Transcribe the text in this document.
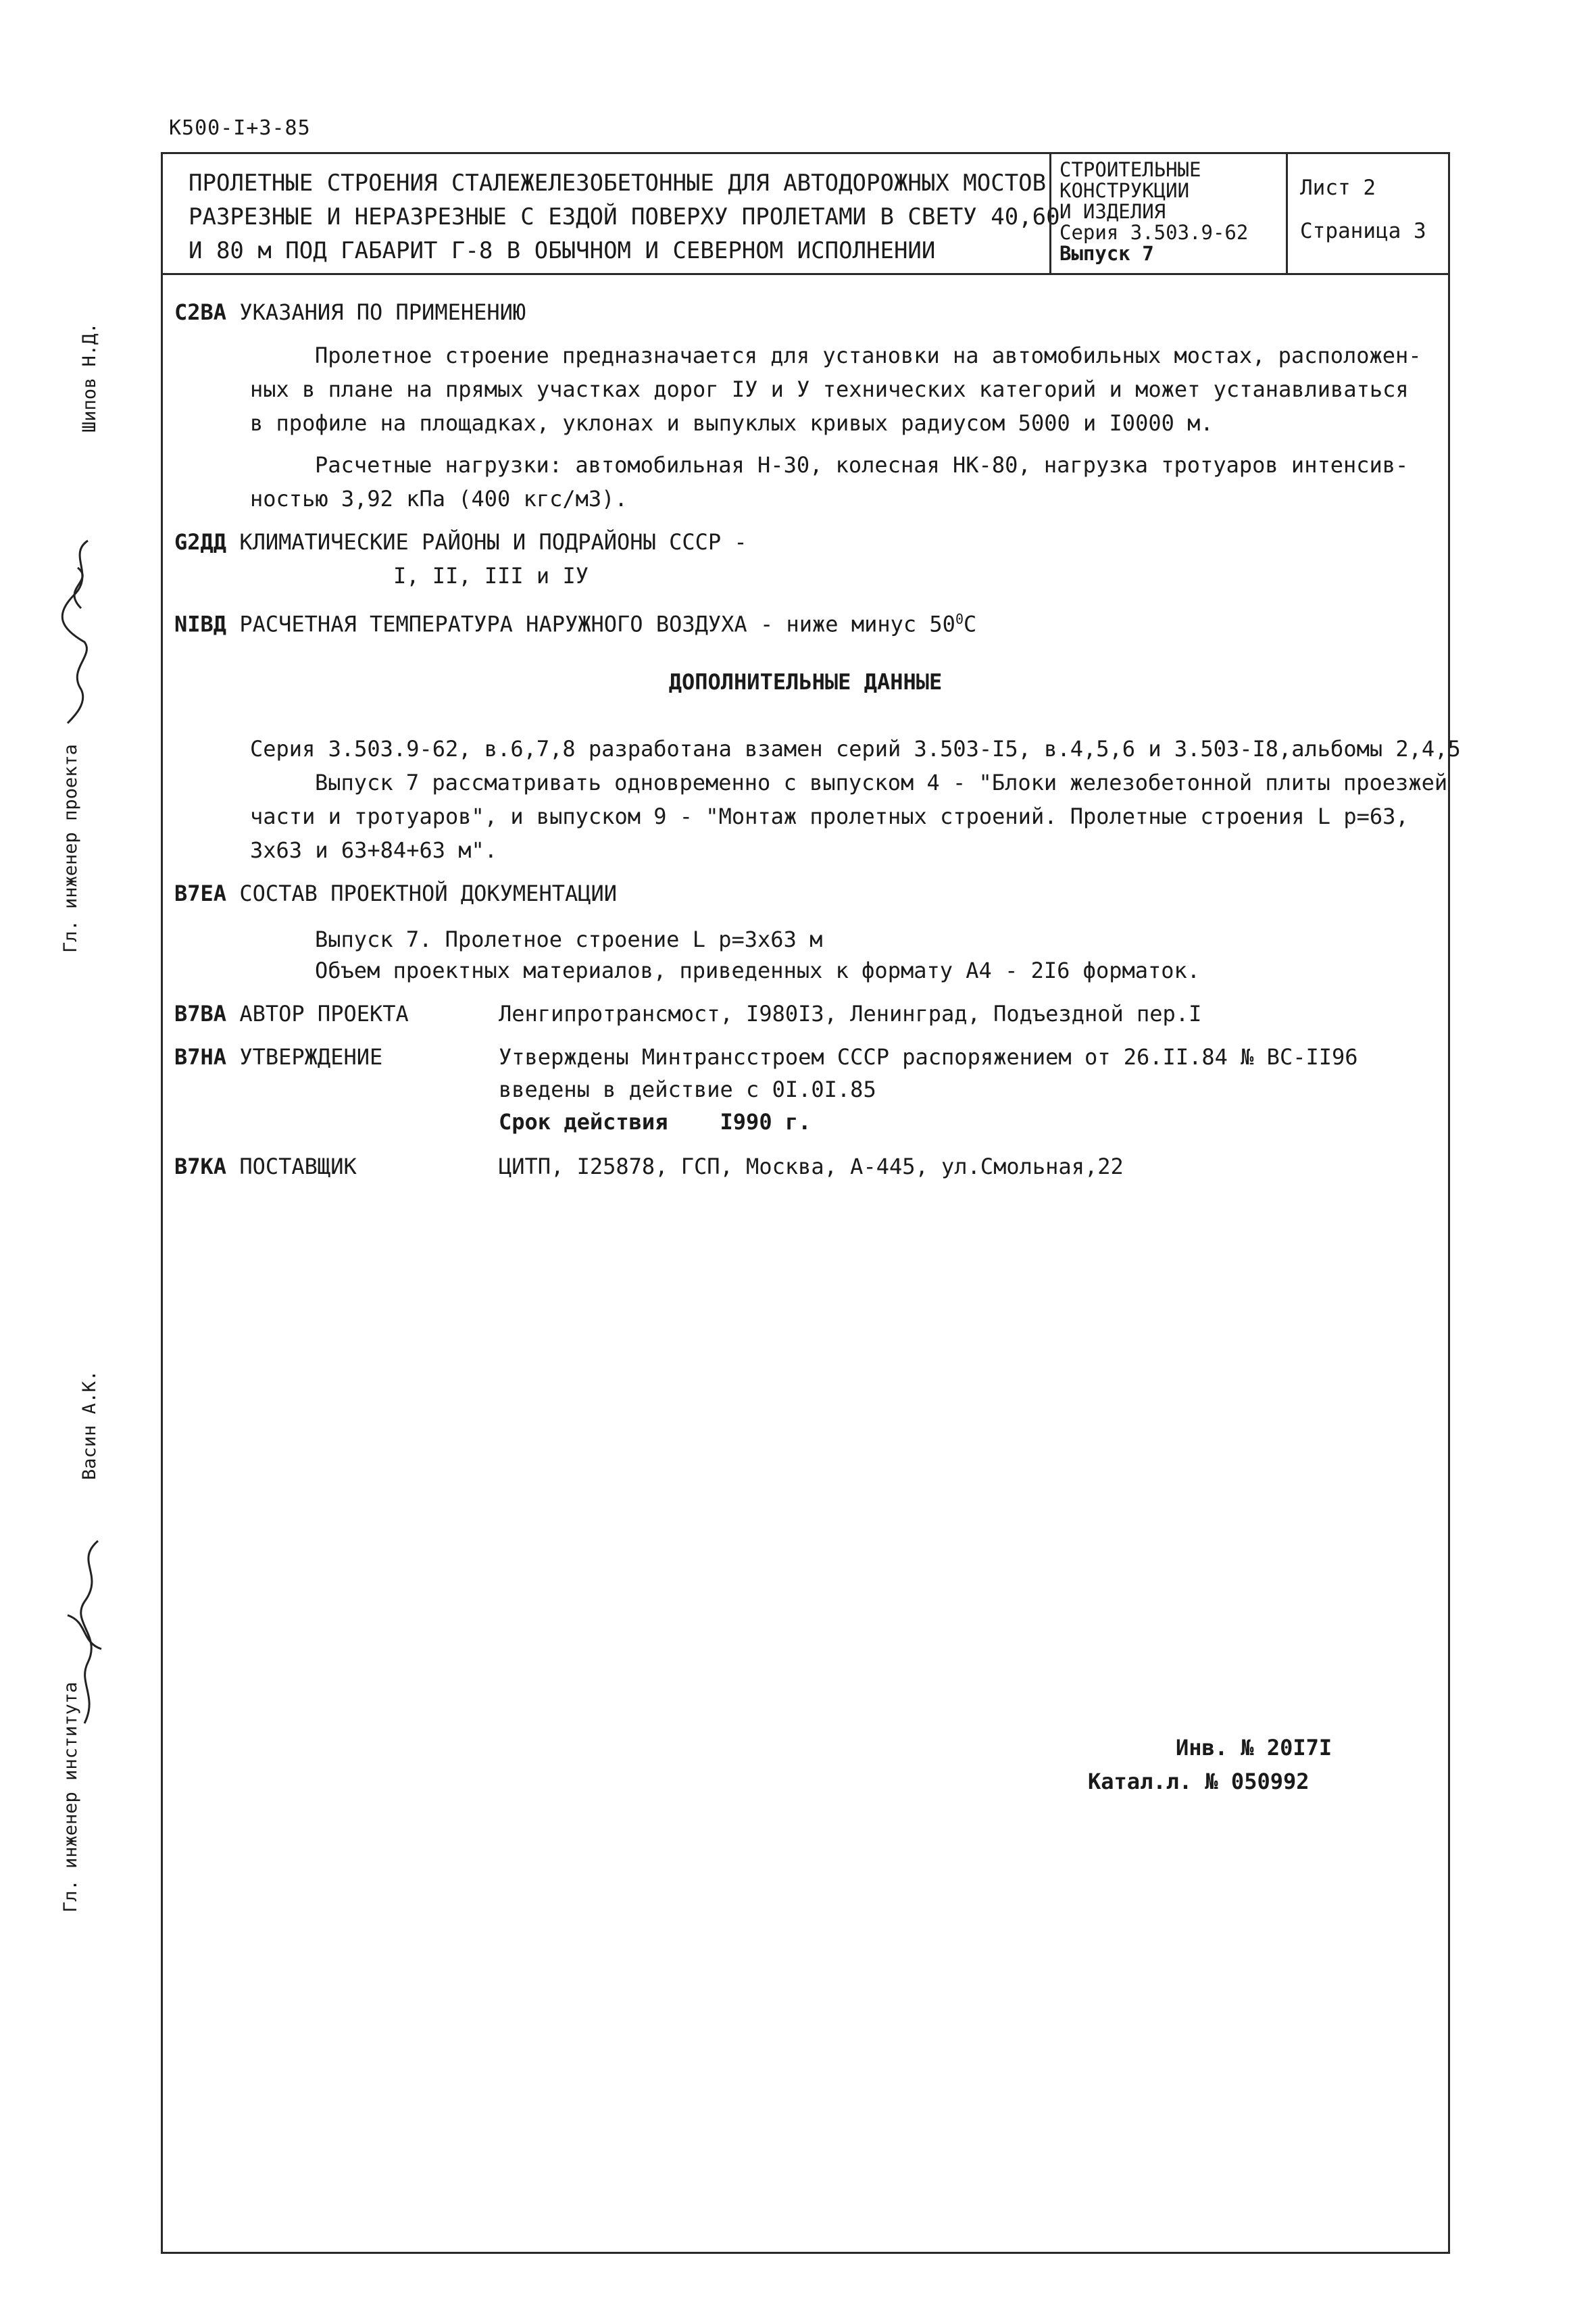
К500-I+3-85
ПРОЛЕТНЫЕ СТРОЕНИЯ СТАЛЕЖЕЛЕЗОБЕТОННЫЕ ДЛЯ АВТОДОРОЖНЫХ МОСТОВ
РАЗРЕЗНЫЕ И НЕРАЗРЕЗНЫЕ С ЕЗДОЙ ПОВЕРХУ ПРОЛЕТАМИ В СВЕТУ 40,60
И 80 м ПОД ГАБАРИТ Г-8 В ОБЫЧНОМ И СЕВЕРНОМ ИСПОЛНЕНИИ
СТРОИТЕЛЬНЫЕ
КОНСТРУКЦИИ
И ИЗДЕЛИЯ
Серия 3.503.9-62
Выпуск 7
Лист 2
Страница 3
Шипов Н.Д.
Гл. инженер проекта
Васин А.К.
Гл. инженер института
C2BA УКАЗАНИЯ ПО ПРИМЕНЕНИЮ
Пролетное строение предназначается для установки на автомобильных мостах, расположен-
ных в плане на прямых участках дорог IУ и У технических категорий и может устанавливаться
в профиле на площадках, уклонах и выпуклых кривых радиусом 5000 и I0000 м.
Расчетные нагрузки: автомобильная Н-30, колесная НК-80, нагрузка тротуаров интенсив-
ностью 3,92 кПа (400 кгс/м3).
G2ДД КЛИМАТИЧЕСКИЕ РАЙОНЫ И ПОДРАЙОНЫ СССР -
I, II, III и IУ
NIBД РАСЧЕТНАЯ ТЕМПЕРАТУРА НАРУЖНОГО ВОЗДУХА - ниже минус $50^0С$
ДОПОЛНИТЕЛЬНЫЕ ДАННЫЕ
Серия 3.503.9-62, в.6,7,8 разработана взамен серий 3.503-I5, в.4,5,6 и 3.503-I8,альбомы 2,4,5
Выпуск 7 рассматривать одновременно с выпуском 4 - "Блоки железобетонной плиты проезжей
части и тротуаров", и выпуском 9 - "Монтаж пролетных строений. Пролетные строения L p=63,
3х63 и 63+84+63 м".
B7EA СОСТАВ ПРОЕКТНОЙ ДОКУМЕНТАЦИИ
Выпуск 7. Пролетное строение L p=3х63 м
Объем проектных материалов, приведенных к формату А4 - 2I6 форматок.
B7BA АВТОР ПРОЕКТА	Ленгипротрансмост, I980I3, Ленинград, Подъездной пер.I
B7HA УТВЕРЖДЕНИЕ	Утверждены Минтрансстроем СССР распоряжением от 26.II.84 № ВС-II96
введены в действие с 0I.0I.85
Срок действия    I990 г.
B7KA ПОСТАВЩИК	ЦИТП, I25878, ГСП, Москва, А-445, ул.Смольная,22
Инв. № 20I7I
Катал.л. № 050992
